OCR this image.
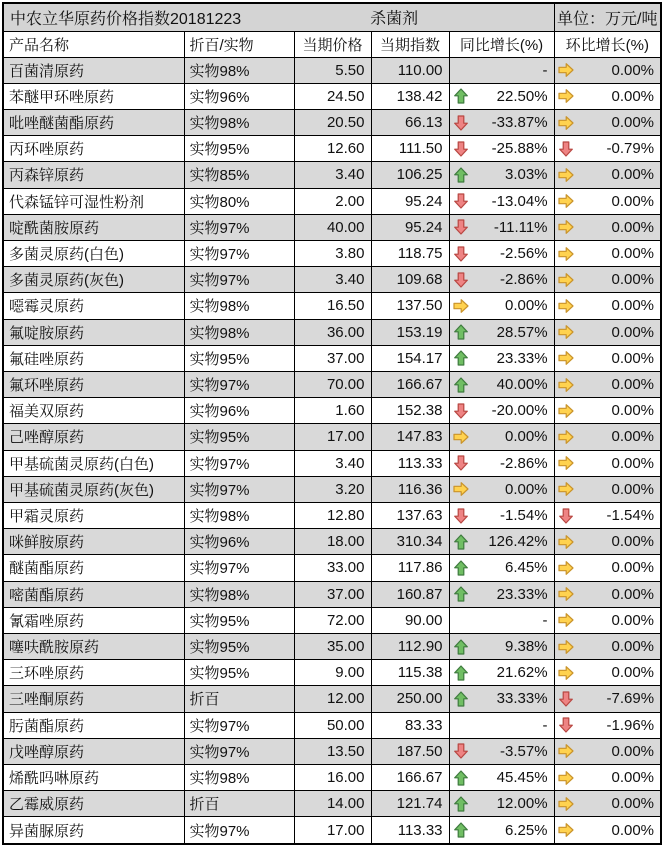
中农立华原药价格指数20181223 杀菌剂					单位：万元/吨
产品名称	折百/实物	当期价格	当期指数	同比增长(%)	环比增长(%)
百菌清原药	实物98%	5.50	110.00	-	0.00%
苯醚甲环唑原药	实物96%	24.50	138.42	22.50%	0.00%
吡唑醚菌酯原药	实物98%	20.50	66.13	-33.87%	0.00%
丙环唑原药	实物95%	12.60	111.50	-25.88%	-0.79%
丙森锌原药	实物85%	3.40	106.25	3.03%	0.00%
代森锰锌可湿性粉剂	实物80%	2.00	95.24	-13.04%	0.00%
啶酰菌胺原药	实物97%	40.00	95.24	-11.11%	0.00%
多菌灵原药(白色)	实物97%	3.80	118.75	-2.56%	0.00%
多菌灵原药(灰色)	实物97%	3.40	109.68	-2.86%	0.00%
噁霉灵原药	实物98%	16.50	137.50	0.00%	0.00%
氟啶胺原药	实物98%	36.00	153.19	28.57%	0.00%
氟硅唑原药	实物95%	37.00	154.17	23.33%	0.00%
氟环唑原药	实物97%	70.00	166.67	40.00%	0.00%
福美双原药	实物96%	1.60	152.38	-20.00%	0.00%
己唑醇原药	实物95%	17.00	147.83	0.00%	0.00%
甲基硫菌灵原药(白色)	实物97%	3.40	113.33	-2.86%	0.00%
甲基硫菌灵原药(灰色)	实物97%	3.20	116.36	0.00%	0.00%
甲霜灵原药	实物98%	12.80	137.63	-1.54%	-1.54%
咪鲜胺原药	实物96%	18.00	310.34	126.42%	0.00%
醚菌酯原药	实物97%	33.00	117.86	6.45%	0.00%
嘧菌酯原药	实物98%	37.00	160.87	23.33%	0.00%
氰霜唑原药	实物95%	72.00	90.00	-	0.00%
噻呋酰胺原药	实物95%	35.00	112.90	9.38%	0.00%
三环唑原药	实物95%	9.00	115.38	21.62%	0.00%
三唑酮原药	折百	12.00	250.00	33.33%	-7.69%
肟菌酯原药	实物97%	50.00	83.33	-	-1.96%
戊唑醇原药	实物97%	13.50	187.50	-3.57%	0.00%
烯酰吗啉原药	实物98%	16.00	166.67	45.45%	0.00%
乙霉威原药	折百	14.00	121.74	12.00%	0.00%
异菌脲原药	实物97%	17.00	113.33	6.25%	0.00%
